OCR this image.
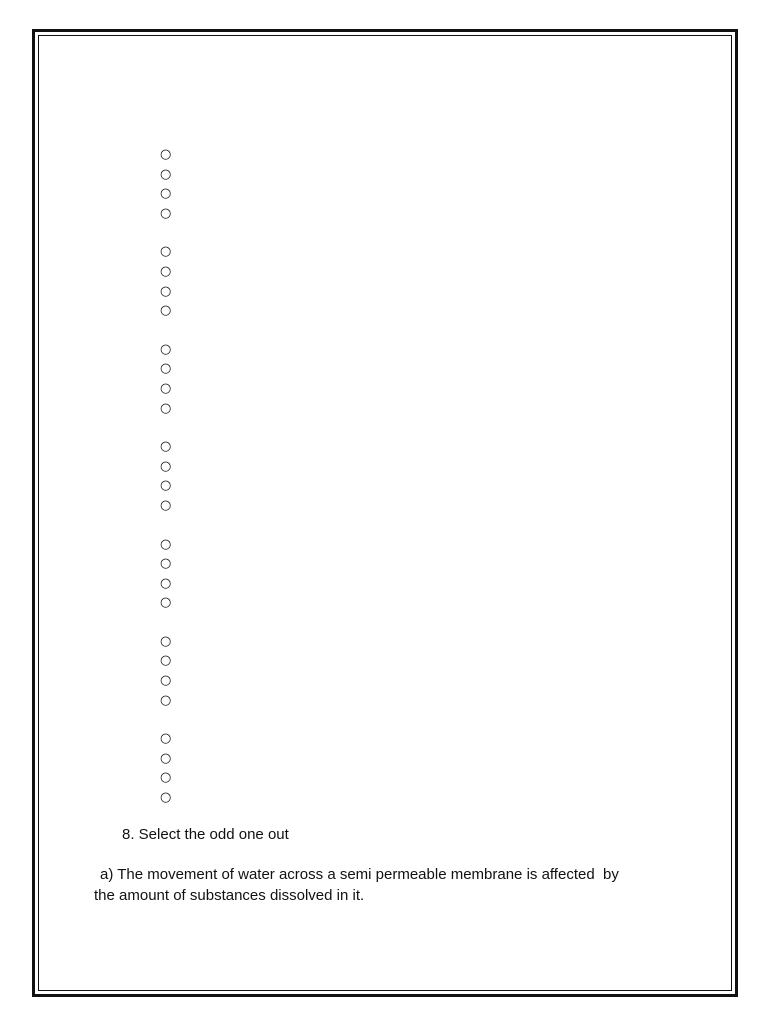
○
○
○
○
○
○
○
○
○
○
○
○
○
○
○
○
○
○
○
○
○
○
○
○
○
○
○
○
8. Select the odd one out
a) The movement of water across a semi permeable membrane is affected  by
the amount of substances dissolved in it.
